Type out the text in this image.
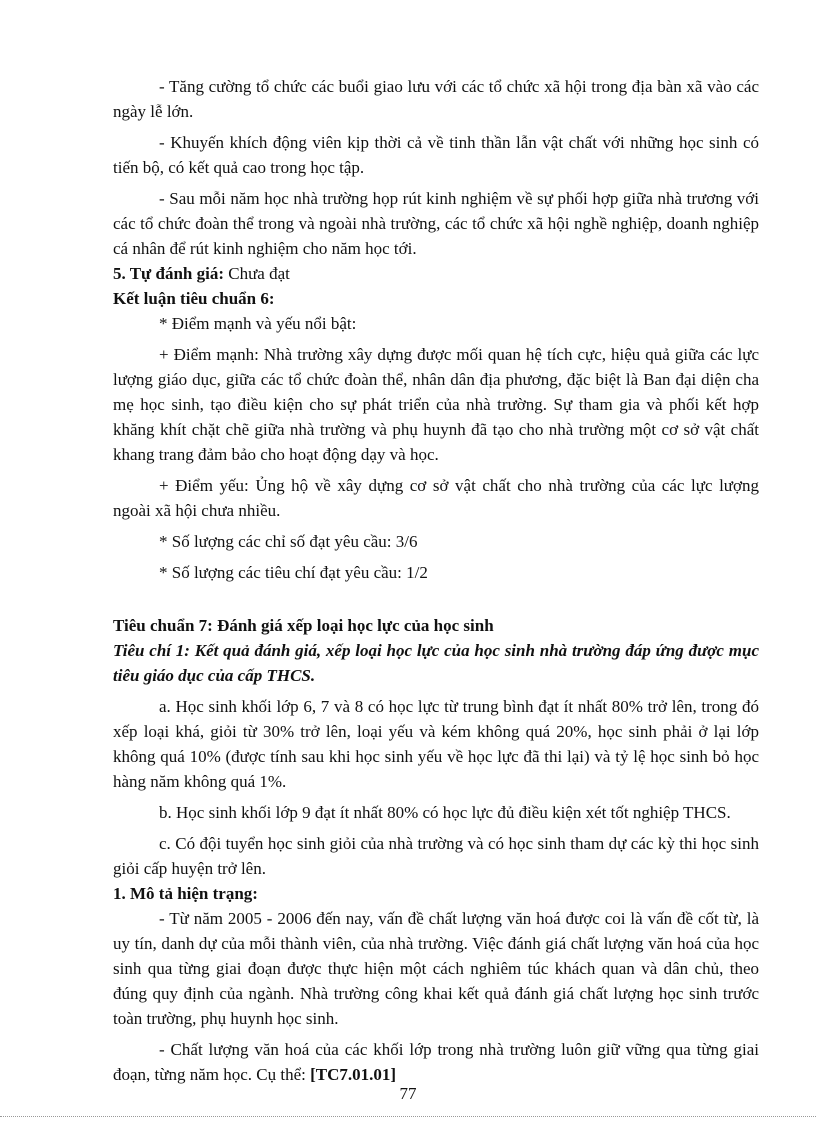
- Tăng cường tổ chức các buổi giao lưu với các tổ chức xã hội trong địa bàn xã vào các ngày lễ lớn.

- Khuyến khích động viên kịp thời cả về tinh thần lẫn vật chất với những học sinh có tiến bộ, có kết quả cao trong học tập.

- Sau mỗi năm học nhà trường họp rút kinh nghiệm về sự phối hợp giữa nhà trương với các tổ chức đoàn thể trong và ngoài nhà trường, các tổ chức xã hội nghề nghiệp, doanh nghiệp cá nhân để rút kinh nghiệm cho năm học tới.

5. Tự đánh giá: Chưa đạt

Kết luận tiêu chuẩn 6:

* Điểm mạnh và yếu nổi bật:

+ Điểm mạnh: Nhà trường xây dựng được mối quan hệ tích cực, hiệu quả giữa các lực lượng giáo dục, giữa các tổ chức đoàn thể, nhân dân địa phương, đặc biệt là Ban đại diện cha mẹ học sinh, tạo điều kiện cho sự phát triển của nhà trường. Sự tham gia và phối kết hợp khăng khít chặt chẽ giữa nhà trường và phụ huynh đã tạo cho nhà trường một cơ sở vật chất khang trang đảm bảo cho hoạt động dạy và học.

+ Điểm yếu: Ủng hộ về xây dựng cơ sở vật chất cho nhà trường của các lực lượng ngoài xã hội chưa nhiều.

* Số lượng các chỉ số đạt yêu cầu: 3/6

* Số lượng các tiêu chí đạt yêu cầu: 1/2

Tiêu chuẩn 7: Đánh giá xếp loại học lực của học sinh

Tiêu chí 1: Kết quả đánh giá, xếp loại học lực của học sinh nhà trường đáp ứng được mục tiêu giáo dục của cấp THCS.

a. Học sinh khối lớp 6, 7 và 8 có học lực từ trung bình đạt ít nhất 80% trở lên, trong đó xếp loại khá, giỏi từ 30% trở lên, loại yếu và kém không quá 20%, học sinh phải ở lại lớp không quá 10% (được tính sau khi học sinh yếu về học lực đã thi lại) và tỷ lệ học sinh bỏ học hàng năm không quá 1%.

b. Học sinh khối lớp 9 đạt ít nhất 80% có học lực đủ điều kiện xét tốt nghiệp THCS.

c. Có đội tuyển học sinh giỏi của nhà trường và có học sinh tham dự các kỳ thi học sinh giỏi cấp huyện trở lên.

1. Mô tả hiện trạng:

- Từ năm 2005 - 2006 đến nay, vấn đề chất lượng văn hoá được coi là vấn đề cốt từ, là uy tín, danh dự của mỗi thành viên, của nhà trường. Việc đánh giá chất lượng văn hoá của học sinh qua từng giai đoạn được thực hiện một cách nghiêm túc khách quan và dân chủ, theo đúng quy định của ngành. Nhà trường công khai kết quả đánh giá chất lượng học sinh trước toàn trường, phụ huynh học sinh.

- Chất lượng văn hoá của các khối lớp trong nhà trường luôn giữ vững qua từng giai đoạn, từng năm học. Cụ thể: [TC7.01.01]

77
